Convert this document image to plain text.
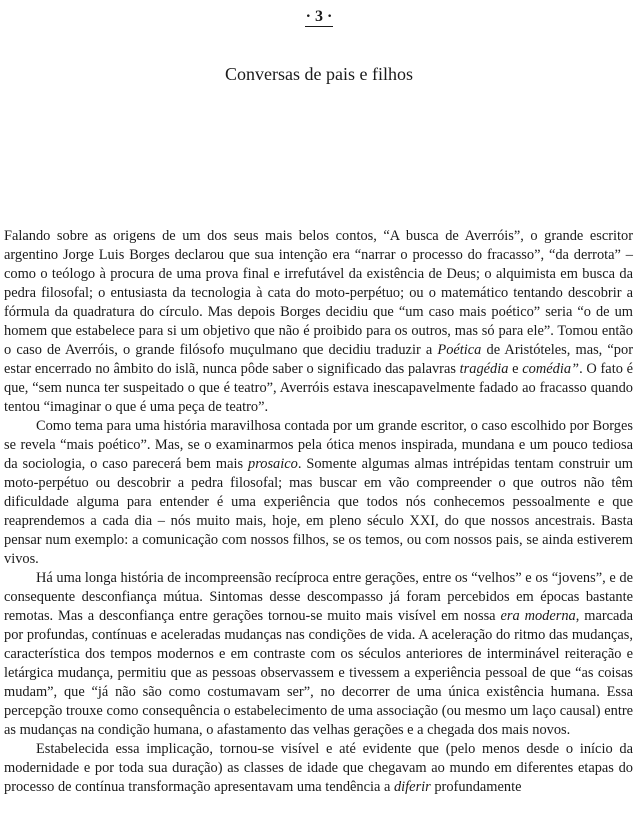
· 3 ·
Conversas de pais e filhos

Falando sobre as origens de um dos seus mais belos contos, “A busca de Averróis”, o grande escritor argentino Jorge Luis Borges declarou que sua intenção era “narrar o processo do fracasso”, “da derrota” – como o teólogo à procura de uma prova final e irrefutável da existência de Deus; o alquimista em busca da pedra filosofal; o entusiasta da tecnologia à cata do moto-perpétuo; ou o matemático tentando descobrir a fórmula da quadratura do círculo. Mas depois Borges decidiu que “um caso mais poético” seria “o de um homem que estabelece para si um objetivo que não é proibido para os outros, mas só para ele”. Tomou então o caso de Averróis, o grande filósofo muçulmano que decidiu traduzir a Poética de Aristóteles, mas, “por estar encerrado no âmbito do islã, nunca pôde saber o significado das palavras tragédia e comédia”. O fato é que, “sem nunca ter suspeitado o que é teatro”, Averróis estava inescapavelmente fadado ao fracasso quando tentou “imaginar o que é uma peça de teatro”.

Como tema para uma história maravilhosa contada por um grande escritor, o caso escolhido por Borges se revela “mais poético”. Mas, se o examinarmos pela ótica menos inspirada, mundana e um pouco tediosa da sociologia, o caso parecerá bem mais prosaico. Somente algumas almas intrépidas tentam construir um moto-perpétuo ou descobrir a pedra filosofal; mas buscar em vão compreender o que outros não têm dificuldade alguma para entender é uma experiência que todos nós conhecemos pessoalmente e que reaprendemos a cada dia – nós muito mais, hoje, em pleno século XXI, do que nossos ancestrais. Basta pensar num exemplo: a comunicação com nossos filhos, se os temos, ou com nossos pais, se ainda estiverem vivos.

Há uma longa história de incompreensão recíproca entre gerações, entre os “velhos” e os “jovens”, e de consequente desconfiança mútua. Sintomas desse descompasso já foram percebidos em épocas bastante remotas. Mas a desconfiança entre gerações tornou-se muito mais visível em nossa era moderna, marcada por profundas, contínuas e aceleradas mudanças nas condições de vida. A aceleração do ritmo das mudanças, característica dos tempos modernos e em contraste com os séculos anteriores de interminável reiteração e letárgica mudança, permitiu que as pessoas observassem e tivessem a experiência pessoal de que “as coisas mudam”, que “já não são como costumavam ser”, no decorrer de uma única existência humana. Essa percepção trouxe como consequência o estabelecimento de uma associação (ou mesmo um laço causal) entre as mudanças na condição humana, o afastamento das velhas gerações e a chegada dos mais novos.

Estabelecida essa implicação, tornou-se visível e até evidente que (pelo menos desde o início da modernidade e por toda sua duração) as classes de idade que chegavam ao mundo em diferentes etapas do processo de contínua transformação apresentavam uma tendência a diferir profundamente
